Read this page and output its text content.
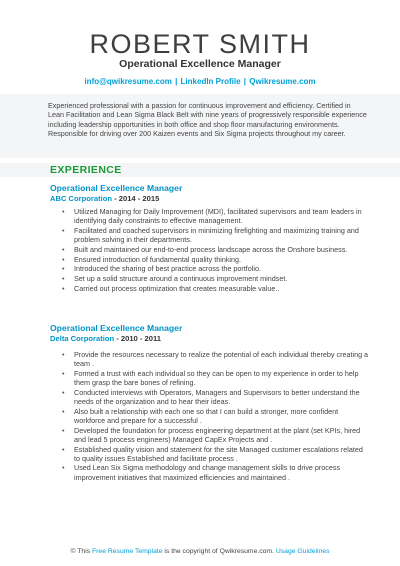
ROBERT SMITH
Operational Excellence Manager
info@qwikresume.com | LinkedIn Profile | Qwikresume.com
Experienced professional with a passion for continuous improvement and efficiency. Certified in Lean Facilitation and Lean Sigma Black Belt with nine years of progressively responsible experience including leadership opportunities in both office and shop floor manufacturing environments. Responsible for driving over 200 Kaizen events and Six Sigma projects throughout my career.
EXPERIENCE
Operational Excellence Manager
ABC Corporation - 2014 - 2015
• Utilized Managing for Daily Improvement (MDI), facilitated supervisors and team leaders in identifying daily constraints to effective management.
• Facilitated and coached supervisors in minimizing firefighting and maximizing training and problem solving in their departments.
• Built and maintained our end-to-end process landscape across the Onshore business.
• Ensured introduction of fundamental quality thinking.
• Introduced the sharing of best practice across the portfolio.
• Set up a solid structure around a continuous improvement mindset.
• Carried out process optimization that creates measurable value..
Operational Excellence Manager
Delta Corporation - 2010 - 2011
• Provide the resources necessary to realize the potential of each individual thereby creating a team .
• Formed a trust with each individual so they can be open to my experience in order to help them grasp the bare bones of refining.
• Conducted interviews with Operators, Managers and Supervisors to better understand the needs of the organization and to hear their ideas.
• Also built a relationship with each one so that I can build a stronger, more confident workforce and prepare for a successful .
• Developed the foundation for process engineering department at the plant (set KPIs, hired and lead 5 process engineers) Managed CapEx Projects and .
• Established quality vision and statement for the site Managed customer escalations related to quality issues Established and facilitate process .
• Used Lean Six Sigma methodology and change management skills to drive process improvement initiatives that maximized efficiencies and maintained .
© This Free Resume Template is the copyright of Qwikresume.com. Usage Guidelines
